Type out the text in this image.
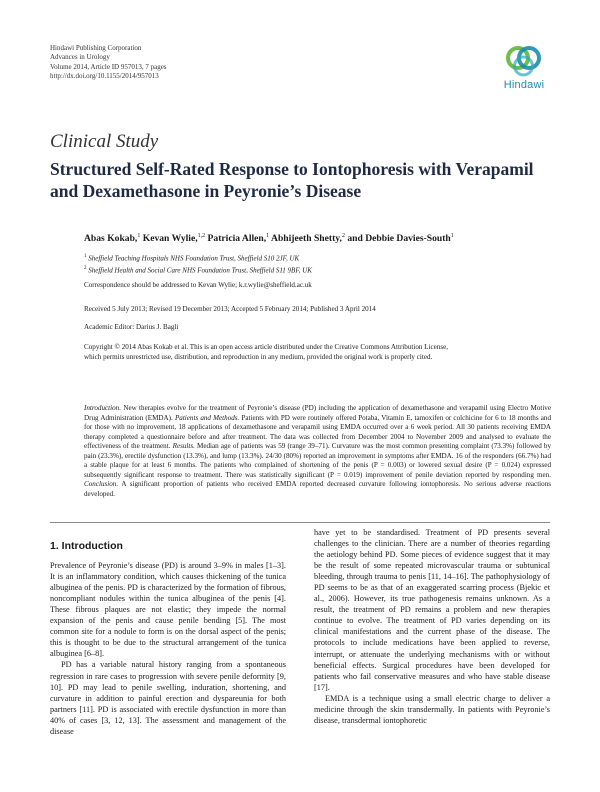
Hindawi Publishing Corporation
Advances in Urology
Volume 2014, Article ID 957013, 7 pages
http://dx.doi.org/10.1155/2014/957013
Hindawi
Clinical Study
Structured Self-Rated Response to Iontophoresis with Verapamil and Dexamethasone in Peyronie’s Disease
Abas Kokab,$^1$ Kevan Wylie,$^{1,2}$ Patricia Allen,$^1$ Abhijeeth Shetty,$^2$ and Debbie Davies-South$^1$
$^1$ Sheffield Teaching Hospitals NHS Foundation Trust, Sheffield S10 2JF, UK
$^2$ Sheffield Health and Social Care NHS Foundation Trust, Sheffield S11 9BF, UK
Correspondence should be addressed to Kevan Wylie; k.r.wylie@sheffield.ac.uk
Received 5 July 2013; Revised 19 December 2013; Accepted 5 February 2014; Published 3 April 2014
Academic Editor: Darius J. Bagli
Copyright © 2014 Abas Kokab et al. This is an open access article distributed under the Creative Commons Attribution License,
which permits unrestricted use, distribution, and reproduction in any medium, provided the original work is properly cited.
Introduction. New therapies evolve for the treatment of Peyronie’s disease (PD) including the application of dexamethasone and verapamil using Electro Motive Drug Administration (EMDA). Patients and Methods. Patients with PD were routinely offered Potaba, Vitamin E, tamoxifen or colchicine for 6 to 18 months and for those with no improvement, 18 applications of dexamethasone and verapamil using EMDA occurred over a 6 week period. All 30 patients receiving EMDA therapy completed a questionnaire before and after treatment. The data was collected from December 2004 to November 2009 and analysed to evaluate the effectiveness of the treatment. Results. Median age of patients was 59 (range 39–71). Curvature was the most common presenting complaint (73.3%) followed by pain (23.3%), erectile dysfunction (13.3%), and lump (13.3%). 24/30 (80%) reported an improvement in symptoms after EMDA. 16 of the responders (66.7%) had a stable plaque for at least 6 months. The patients who complained of shortening of the penis (P = 0.003) or lowered sexual desire (P = 0.024) expressed subsequently significant response to treatment. There was statistically significant (P = 0.019) improvement of penile deviation reported by responding men. Conclusion. A significant proportion of patients who received EMDA reported decreased curvature following iontophoresis. No serious adverse reactions developed.
1. Introduction

Prevalence of Peyronie’s disease (PD) is around 3–9% in males [1–3]. It is an inflammatory condition, which causes thickening of the tunica albuginea of the penis. PD is characterized by the formation of fibrous, noncompliant nodules within the tunica albuginea of the penis [4]. These fibrous plaques are not elastic; they impede the normal expansion of the penis and cause penile bending [5]. The most common site for a nodule to form is on the dorsal aspect of the penis; this is thought to be due to the structural arrangement of the tunica albuginea [6–8].

PD has a variable natural history ranging from a spontaneous regression in rare cases to progression with severe penile deformity [9, 10]. PD may lead to penile swelling, induration, shortening, and curvature in addition to painful erection and dyspareunia for both partners [11]. PD is associated with erectile dysfunction in more than 40% of cases [3, 12, 13]. The assessment and management of the disease

have yet to be standardised. Treatment of PD presents several challenges to the clinician. There are a number of theories regarding the aetiology behind PD. Some pieces of evidence suggest that it may be the result of some repeated microvascular trauma or subtunical bleeding, through trauma to penis [11, 14–16]. The pathophysiology of PD seems to be as that of an exaggerated scarring process (Bjekic et al., 2006). However, its true pathogenesis remains unknown. As a result, the treatment of PD remains a problem and new therapies continue to evolve. The treatment of PD varies depending on its clinical manifestations and the current phase of the disease. The protocols to include medications have been applied to reverse, interrupt, or attenuate the underlying mechanisms with or without beneficial effects. Surgical procedures have been developed for patients who fail conservative measures and who have stable disease [17].

EMDA is a technique using a small electric charge to deliver a medicine through the skin transdermally. In patients with Peyronie’s disease, transdermal iontophoretic
